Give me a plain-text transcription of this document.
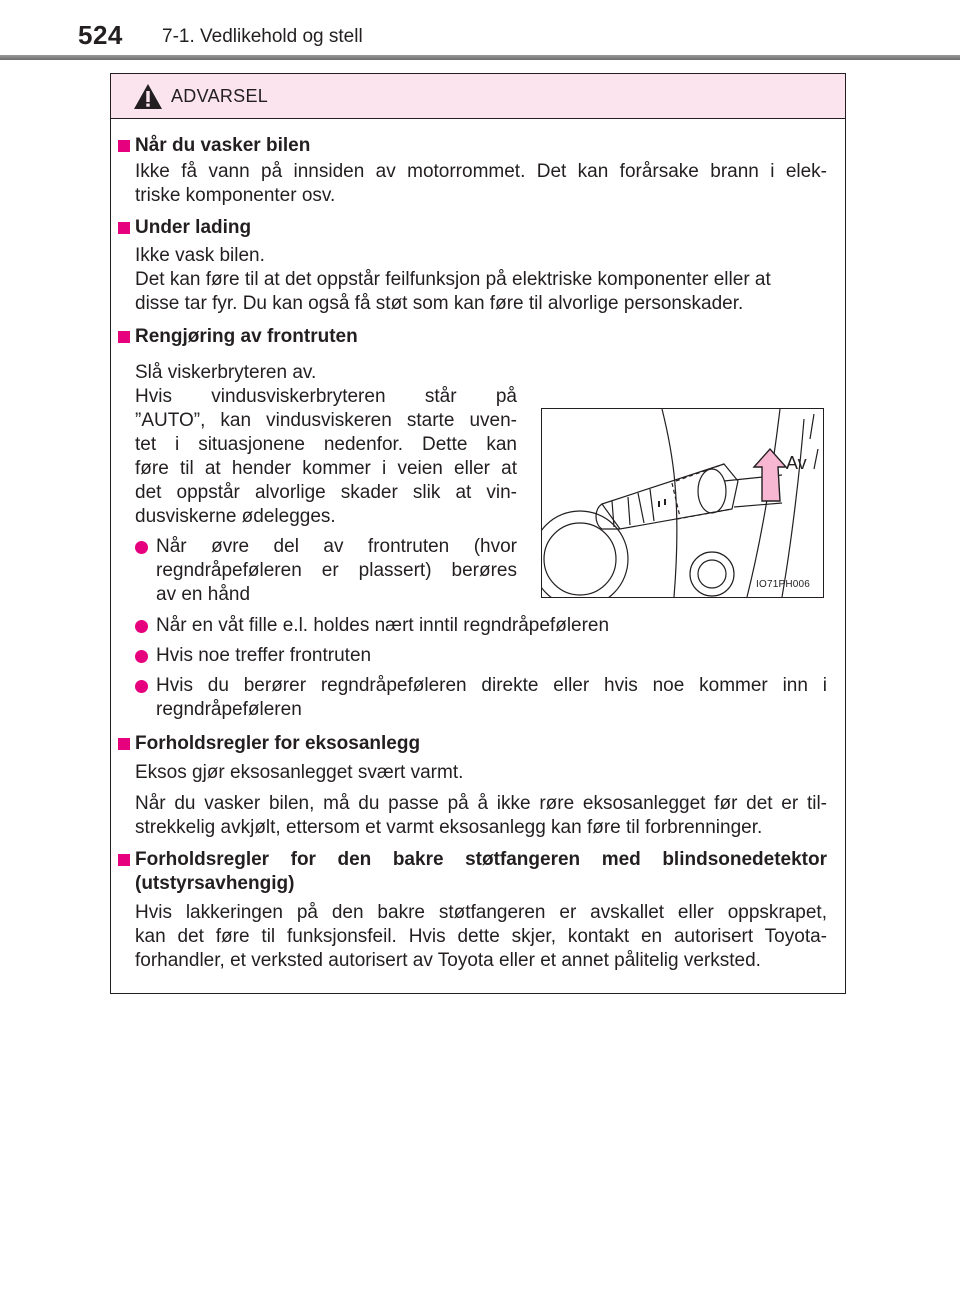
524 7-1. Vedlikehold og stell
ADVARSEL
Når du vasker bilen
Ikke få vann på innsiden av motorrommet. Det kan forårsake brann i elek-
triske komponenter osv.
Under lading
Ikke vask bilen.
Det kan føre til at det oppstår feilfunksjon på elektriske komponenter eller at
disse tar fyr. Du kan også få støt som kan føre til alvorlige personskader.
Rengjøring av frontruten
Slå viskerbryteren av.
Hvis vindusviskerbryteren står på
”AUTO”, kan vindusviskeren starte uven-
tet i situasjonene nedenfor. Dette kan
føre til at hender kommer i veien eller at
det oppstår alvorlige skader slik at vin-
dusviskerne ødelegges.
Når øvre del av frontruten (hvor
regndråpeføleren er plassert) berøres
av en hånd
Når en våt fille e.l. holdes nært inntil regndråpeføleren
Hvis noe treffer frontruten
Hvis du berører regndråpeføleren direkte eller hvis noe kommer inn i
regndråpeføleren
Av
IO71PH006
Forholdsregler for eksosanlegg
Eksos gjør eksosanlegget svært varmt.
Når du vasker bilen, må du passe på å ikke røre eksosanlegget før det er til-
strekkelig avkjølt, ettersom et varmt eksosanlegg kan føre til forbrenninger.
Forholdsregler for den bakre støtfangeren med blindsonedetektor
(utstyrsavhengig)
Hvis lakkeringen på den bakre støtfangeren er avskallet eller oppskrapet,
kan det føre til funksjonsfeil. Hvis dette skjer, kontakt en autorisert Toyota-
forhandler, et verksted autorisert av Toyota eller et annet pålitelig verksted.
